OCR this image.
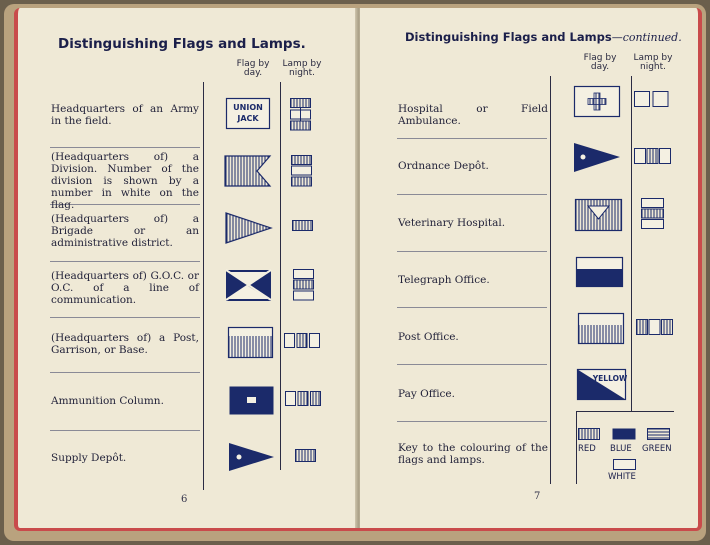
Distinguishing Flags and Lamps.
Flag by day.
Lamp by night.
Headquarters of an Army in the field.
(Headquarters of) a Division. Number of the division is shown by a number in white on the flag.
(Headquarters of) a Brigade or an administrative district.
(Headquarters of) G.O.C. or O.C. of a line of communication.
(Headquarters of) a Post, Garrison, or Base.
Ammunition Column.
Supply Depôt.
UNION
JACK
6
Distinguishing Flags and Lamps—continued.
Flag by day.
Lamp by night.
Hospital or Field Ambulance.
Ordnance Depôt.
Veterinary Hospital.
Telegraph Office.
Post Office.
Pay Office.
Key to the colouring of the flags and lamps.
YELLOW
RED BLUE GREEN
WHITE
7
